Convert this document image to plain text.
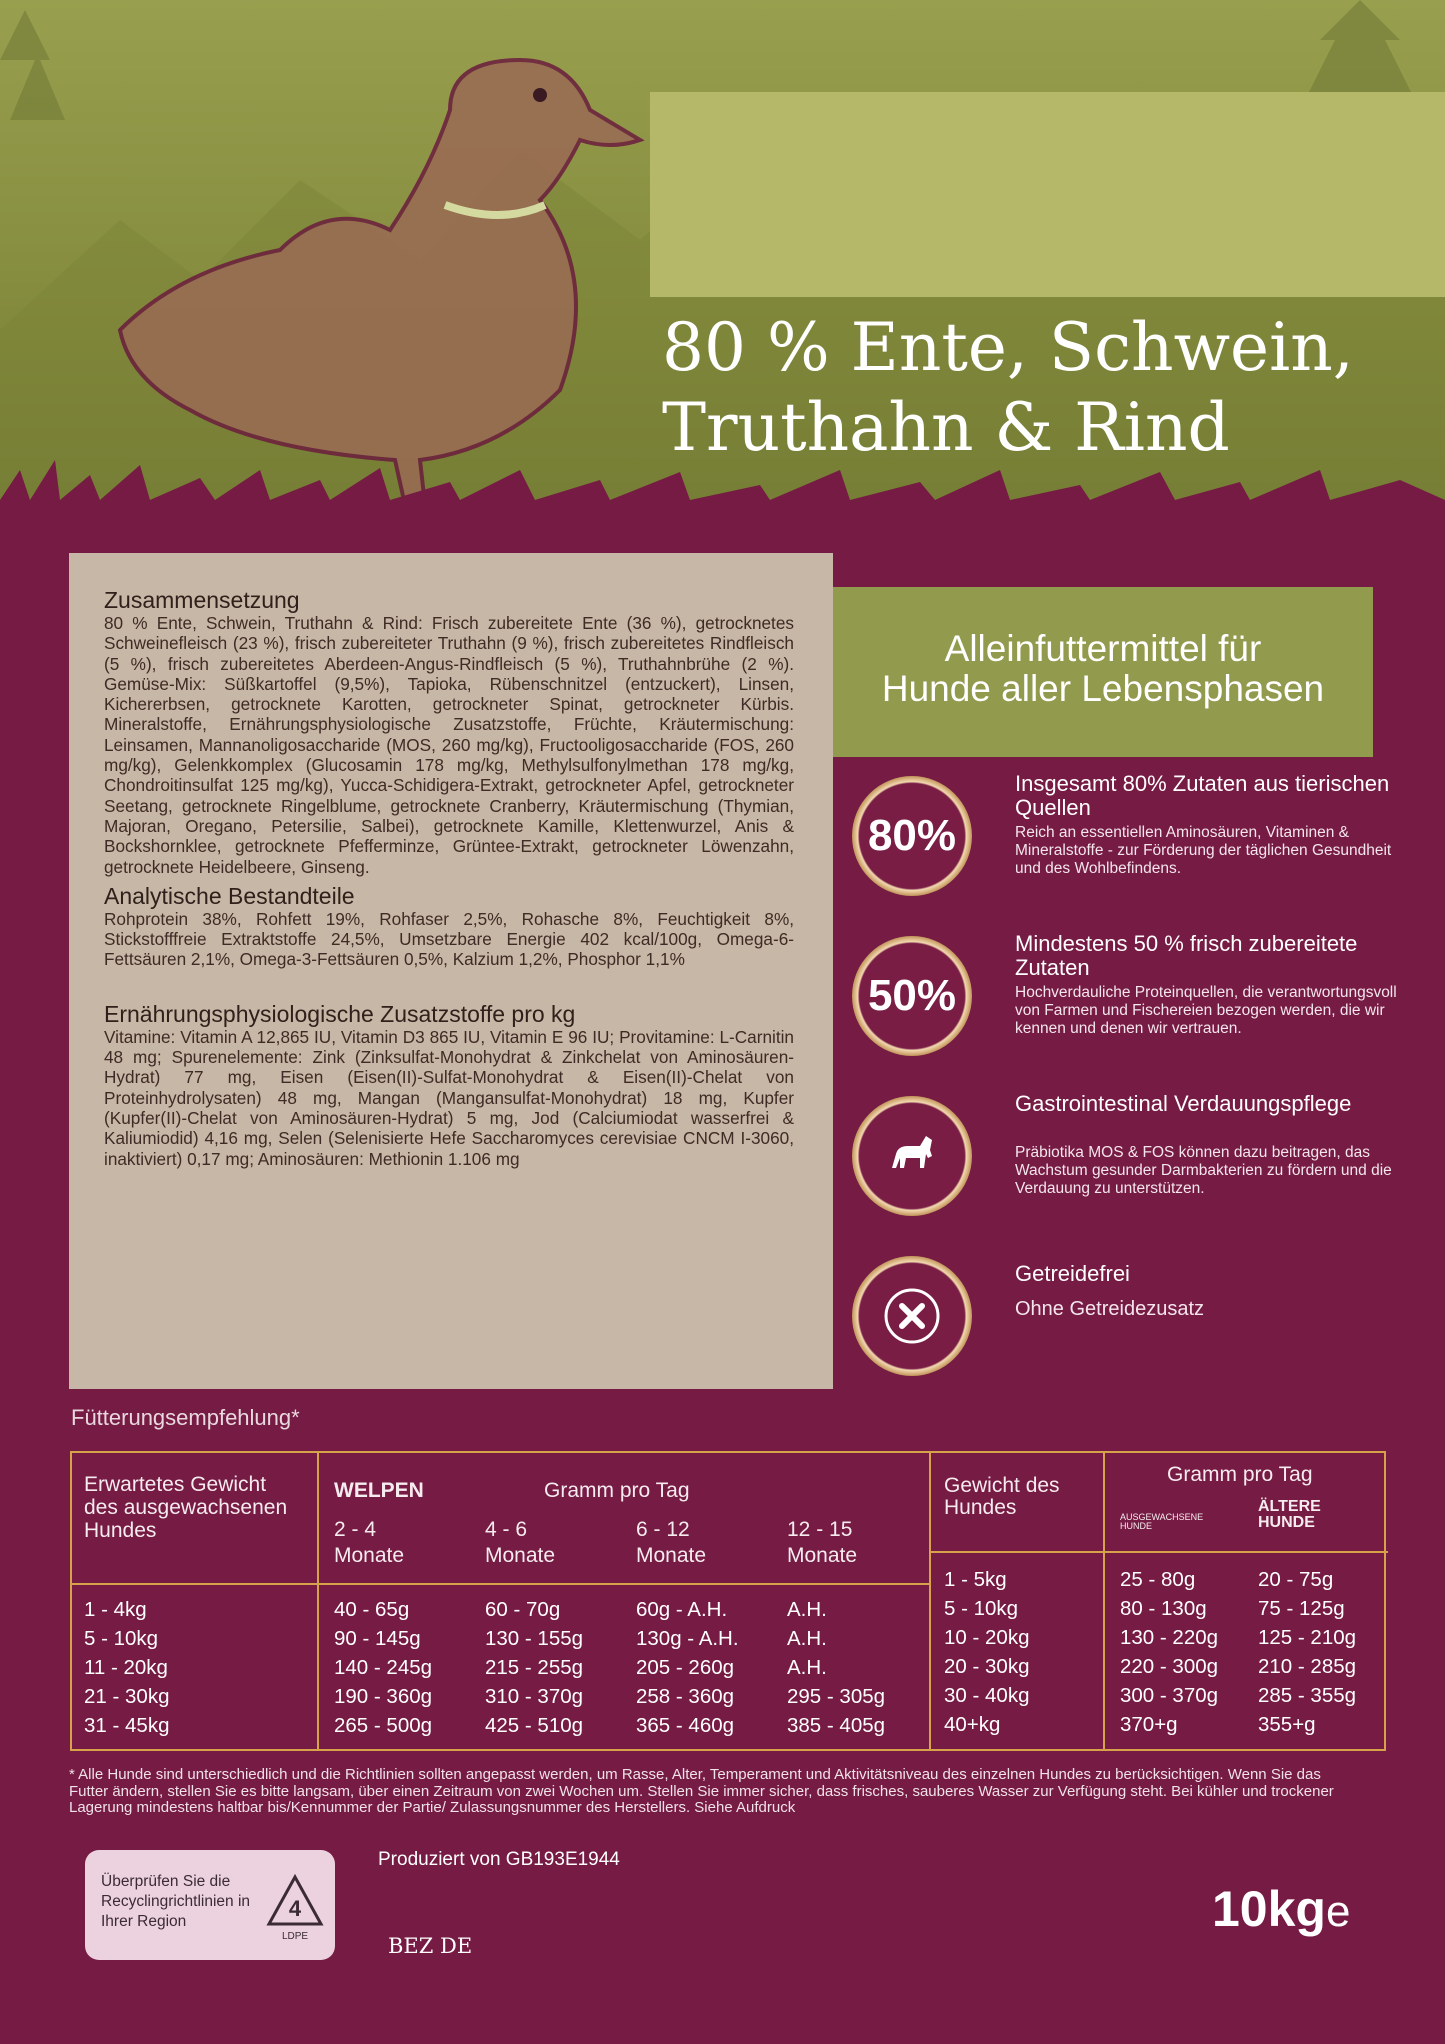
80 % Ente, Schwein,
Truthahn & Rind
Zusammensetzung

80 % Ente, Schwein, Truthahn & Rind: Frisch zubereitete Ente (36 %), getrocknetes Schweinefleisch (23 %), frisch zubereiteter Truthahn (9 %), frisch zubereitetes Rindfleisch (5 %), frisch zubereitetes Aberdeen-Angus-Rindfleisch (5 %), Truthahnbrühe (2 %). Gemüse-Mix: Süßkartoffel (9,5%), Tapioka, Rübenschnitzel (entzuckert), Linsen, Kichererbsen, getrocknete Karotten, getrockneter Spinat, getrockneter Kürbis. Mineralstoffe, Ernährungsphysiologische Zusatzstoffe, Früchte, Kräutermischung: Leinsamen, Mannanoligosaccharide (MOS, 260 mg/kg), Fructooligosaccharide (FOS, 260 mg/kg), Gelenkkomplex (Glucosamin 178 mg/kg, Methylsulfonylmethan 178 mg/kg, Chondroitinsulfat 125 mg/kg), Yucca-Schidigera-Extrakt, getrockneter Apfel, getrockneter Seetang, getrocknete Ringelblume, getrocknete Cranberry, Kräutermischung (Thymian, Majoran, Oregano, Petersilie, Salbei), getrocknete Kamille, Klettenwurzel, Anis & Bockshornklee, getrocknete Pfefferminze, Grüntee-Extrakt, getrockneter Löwenzahn, getrocknete Heidelbeere, Ginseng.

Analytische Bestandteile

Rohprotein 38%, Rohfett 19%, Rohfaser 2,5%, Rohasche 8%, Feuchtigkeit 8%, Stickstofffreie Extraktstoffe 24,5%, Umsetzbare Energie 402 kcal/100g, Omega-6-Fettsäuren 2,1%, Omega-3-Fettsäuren 0,5%, Kalzium 1,2%, Phosphor 1,1%

Ernährungsphysiologische Zusatzstoffe pro kg

Vitamine: Vitamin A 12,865 IU, Vitamin D3 865 IU, Vitamin E 96 IU; Provitamine: L-Carnitin 48 mg; Spurenelemente: Zink (Zinksulfat-Monohydrat & Zinkchelat von Aminosäuren-Hydrat) 77 mg, Eisen (Eisen(II)-Sulfat-Monohydrat & Eisen(II)-Chelat von Proteinhydrolysaten) 48 mg, Mangan (Mangansulfat-Monohydrat) 18 mg, Kupfer (Kupfer(II)-Chelat von Aminosäuren-Hydrat) 5 mg, Jod (Calciumiodat wasserfrei & Kaliumiodid) 4,16 mg, Selen (Selenisierte Hefe Saccharomyces cerevisiae CNCM I-3060, inaktiviert) 0,17 mg; Aminosäuren: Methionin 1.106 mg

Alleinfuttermittel für
Hunde aller Lebensphasen
80%
Insgesamt 80% Zutaten aus tierischen Quellen
Reich an essentiellen Aminosäuren, Vitaminen & Mineralstoffe - zur Förderung der täglichen Gesundheit und des Wohlbefindens.
50%
Mindestens 50 % frisch zubereitete Zutaten
Hochverdauliche Proteinquellen, die verantwortungsvoll von Farmen und Fischereien bezogen werden, die wir kennen und denen wir vertrauen.
Gastrointestinal Verdauungspflege
Präbiotika MOS & FOS können dazu beitragen, das Wachstum gesunder Darmbakterien zu fördern und die Verdauung zu unterstützen.
Getreidefrei
Ohne Getreidezusatz
Fütterungsempfehlung*
Erwartetes Gewicht des ausgewachsenen Hundes
WELPEN	Gramm pro Tag
2 - 4 Monate
4 - 6 Monate
6 - 12 Monate
12 - 15 Monate
1 - 4kg
5 - 10kg
11 - 20kg
21 - 30kg
31 - 45kg
40 - 65g
90 - 145g
140 - 245g
190 - 360g
265 - 500g
60 - 70g
130 - 155g
215 - 255g
310 - 370g
425 - 510g
60g - A.H.
130g - A.H.
205 - 260g
258 - 360g
365 - 460g
A.H.
A.H.
A.H.
295 - 305g
385 - 405g
Gewicht des Hundes
Gramm pro Tag
AUSGEWACHSENE HUNDE
ÄLTERE HUNDE
1 - 5kg
5 - 10kg
10 - 20kg
20 - 30kg
30 - 40kg
40+kg
25 - 80g
80 - 130g
130 - 220g
220 - 300g
300 - 370g
370+g
20 - 75g
75 - 125g
125 - 210g
210 - 285g
285 - 355g
355+g
* Alle Hunde sind unterschiedlich und die Richtlinien sollten angepasst werden, um Rasse, Alter, Temperament und Aktivitätsniveau des einzelnen Hundes zu berücksichtigen. Wenn Sie das Futter ändern, stellen Sie es bitte langsam, über einen Zeitraum von zwei Wochen um. Stellen Sie immer sicher, dass frisches, sauberes Wasser zur Verfügung steht. Bei kühler und trockener Lagerung mindestens haltbar bis/Kennummer der Partie/ Zulassungsnummer des Herstellers. Siehe Aufdruck
Überprüfen Sie die Recyclingrichtlinien in Ihrer Region
4
LDPE
Produziert von GB193E1944
10kge
BEZ DE
